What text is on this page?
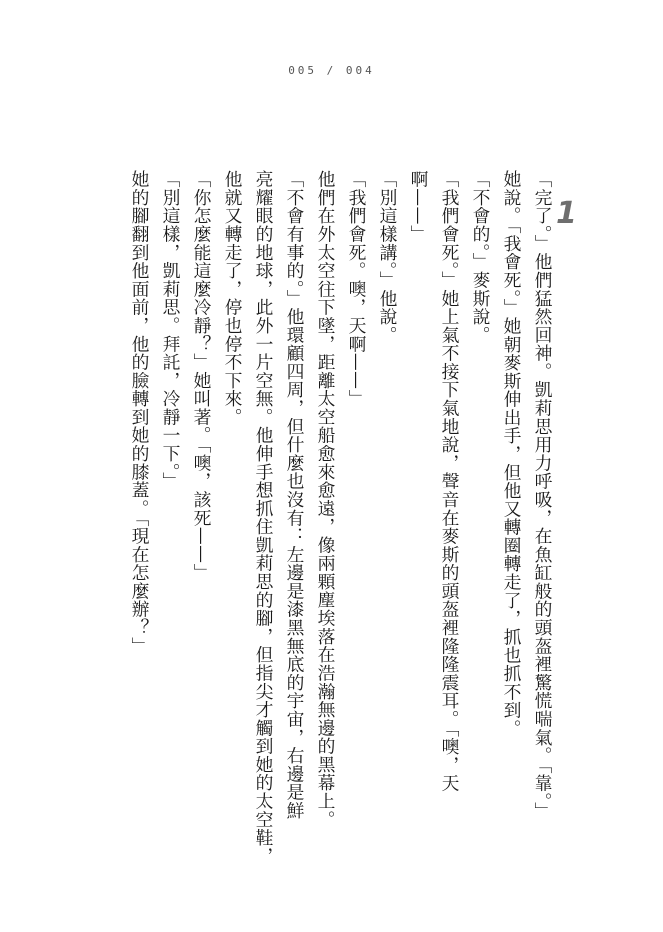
005 / 004
1
「完了。」他們猛然回神。凱莉思用力呼吸，在魚缸般的頭盔裡驚慌喘氣。「靠。」
她說。「我會死。」她朝麥斯伸出手，但他又轉圈轉走了，抓也抓不到。
「不會的。」麥斯說。
「我們會死。」她上氣不接下氣地說，聲音在麥斯的頭盔裡隆隆震耳。「噢，天
啊——」
「別這樣講。」他說。
「我們會死。噢，天啊——」
他們在外太空往下墜，距離太空船愈來愈遠，像兩顆塵埃落在浩瀚無邊的黑幕上。
「不會有事的。」他環顧四周，但什麼也沒有：左邊是漆黑無底的宇宙，右邊是鮮
亮耀眼的地球，此外一片空無。他伸手想抓住凱莉思的腳，但指尖才觸到她的太空鞋，
他就又轉走了，停也停不下來。
「你怎麼能這麼冷靜？」她叫著。「噢，該死——」
「別這樣，凱莉思。拜託，冷靜一下。」
她的腳翻到他面前，他的臉轉到她的膝蓋。「現在怎麼辦？」
